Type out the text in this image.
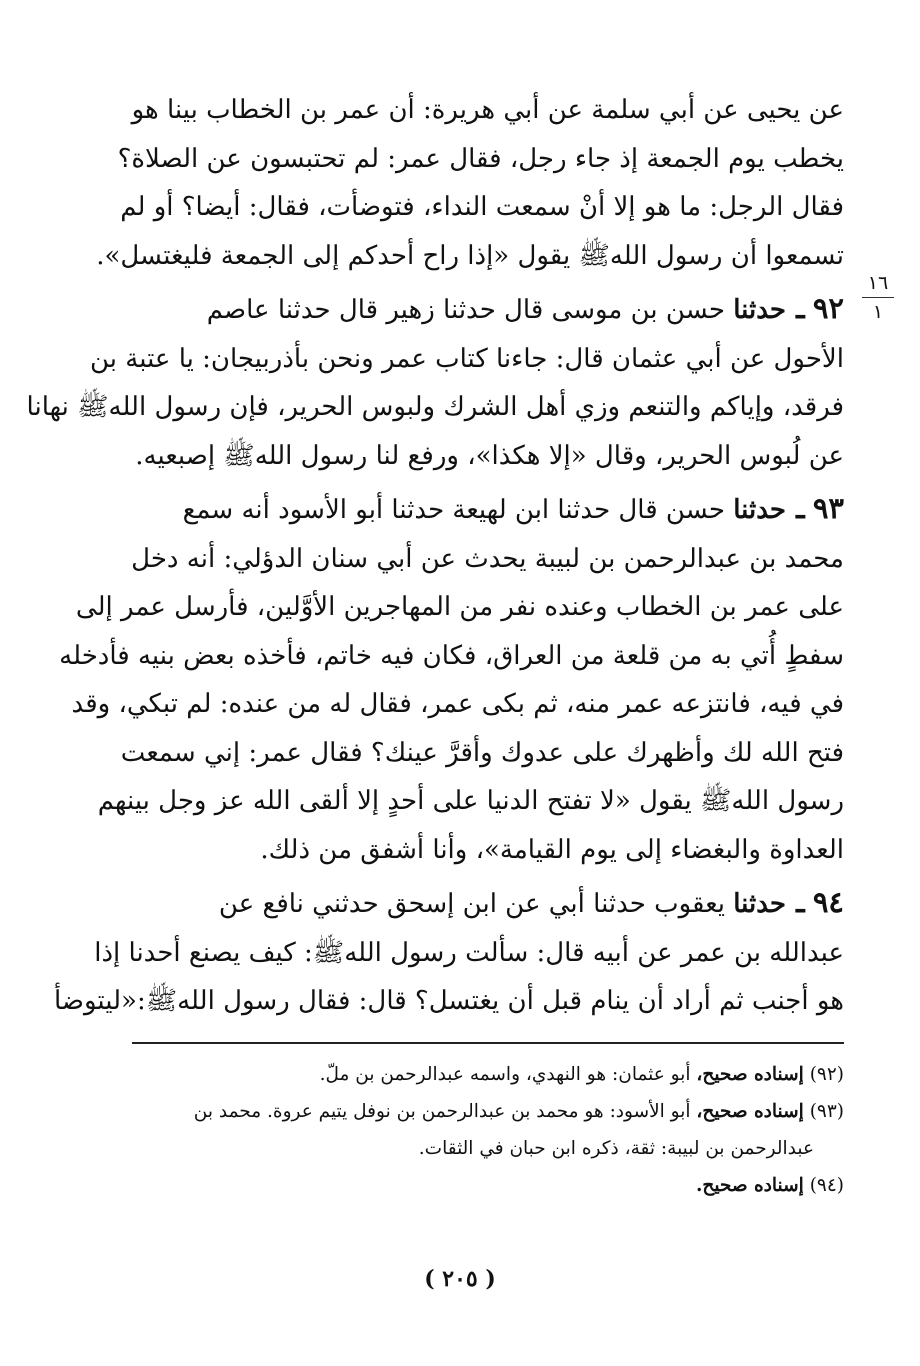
عن يحيى عن أبي سلمة عن أبي هريرة: أن عمر بن الخطاب بينا هو
يخطب يوم الجمعة إذ جاء رجل، فقال عمر: لم تحتبسون عن الصلاة؟
فقال الرجل: ما هو إلا أنْ سمعت النداء، فتوضأت، فقال: أيضا؟ أو لم
تسمعوا أن رسول اللهﷺ يقول «إذا راح أحدكم إلى الجمعة فليغتسل».
٩٢ ـ حدثنا حسن بن موسى قال حدثنا زهير قال حدثنا عاصم
الأحول عن أبي عثمان قال: جاءنا كتاب عمر ونحن بأذربيجان: يا عتبة بن
فرقد، وإياكم والتنعم وزي أهل الشرك ولبوس الحرير، فإن رسول اللهﷺ نهانا
عن لُبوس الحرير، وقال «إلا هكذا»، ورفع لنا رسول اللهﷺ إصبعيه.
٩٣ ـ حدثنا حسن قال حدثنا ابن لهيعة حدثنا أبو الأسود أنه سمع
محمد بن عبدالرحمن بن لبيبة يحدث عن أبي سنان الدؤلي: أنه دخل
على عمر بن الخطاب وعنده نفر من المهاجرين الأوَّلين، فأرسل عمر إلى
سفطٍ أُتي به من قلعة من العراق، فكان فيه خاتم، فأخذه بعض بنيه فأدخله
في فيه، فانتزعه عمر منه، ثم بكى عمر، فقال له من عنده: لم تبكي، وقد
فتح الله لك وأظهرك على عدوك وأقرَّ عينك؟ فقال عمر: إني سمعت
رسول اللهﷺ يقول «لا تفتح الدنيا على أحدٍ إلا ألقى الله عز وجل بينهم
العداوة والبغضاء إلى يوم القيامة»، وأنا أشفق من ذلك.
٩٤ ـ حدثنا يعقوب حدثنا أبي عن ابن إسحق حدثني نافع عن
عبدالله بن عمر عن أبيه قال: سألت رسول اللهﷺ: كيف يصنع أحدنا إذا
هو أجنب ثم أراد أن ينام قبل أن يغتسل؟ قال: فقال رسول اللهﷺ:«ليتوضأ
١٦
١
(٩٢) إسناده صحيح، أبو عثمان: هو النهدي، واسمه عبدالرحمن بن ملّ.
(٩٣) إسناده صحيح، أبو الأسود: هو محمد بن عبدالرحمن بن نوفل يتيم عروة. محمد بن
عبدالرحمن بن لبيبة: ثقة، ذكره ابن حبان في الثقات.
(٩٤) إسناده صحيح.
( ٢٠٥ )
